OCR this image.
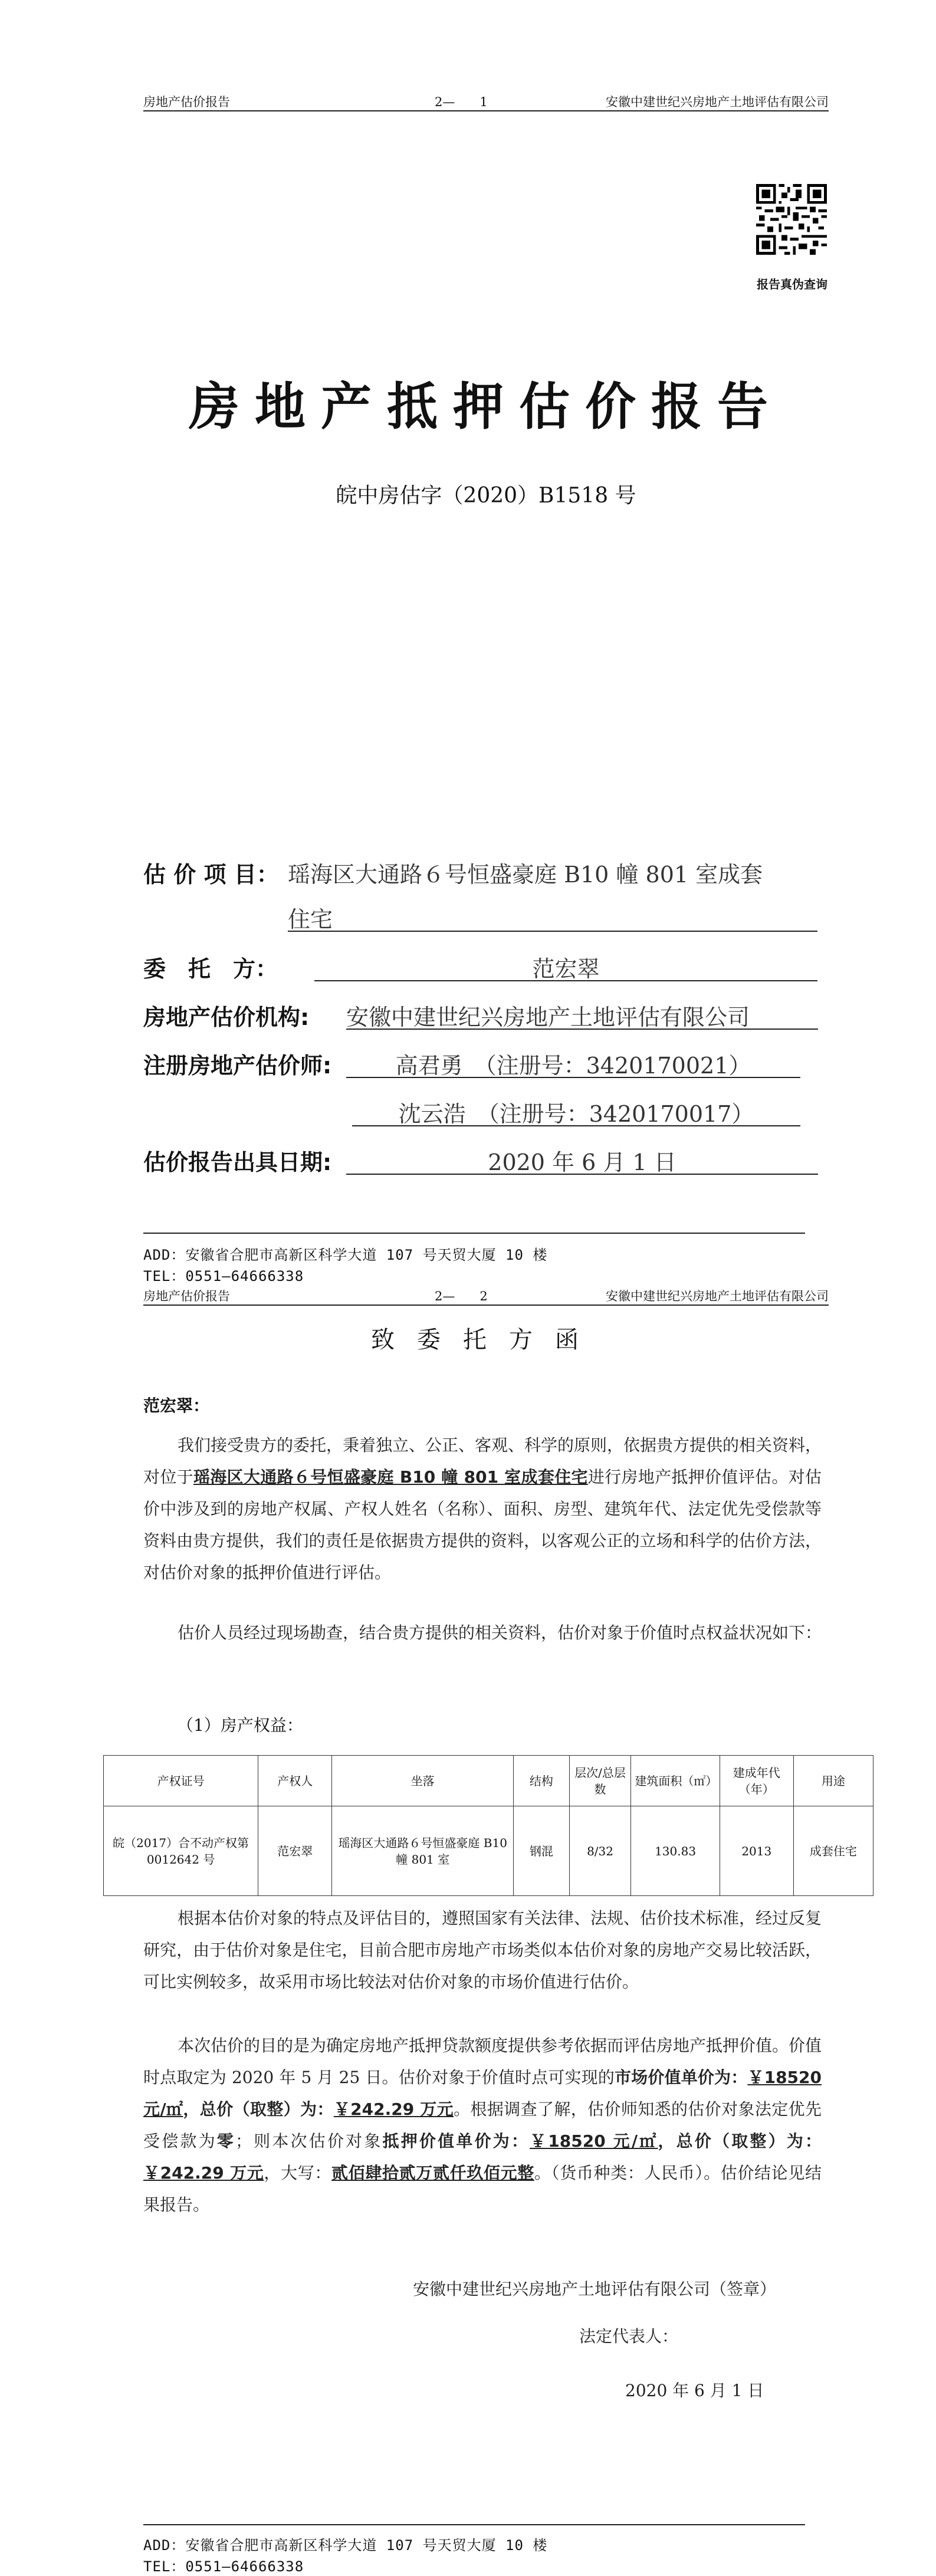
房地产估价报告	2—　　1	安徽中建世纪兴房地产土地评估有限公司
报告真伪查询
房地产抵押估价报告
皖中房估字（2020）B1518 号
估 价 项 目： 瑶海区大通路６号恒盛豪庭 B10 幢 801 室成套
住宅
委　托　方：	范宏翠
房地产估价机构: 安徽中建世纪兴房地产土地评估有限公司
注册房地产估价师:	高君勇　（注册号：3420170021）
沈云浩　（注册号：3420170017）
估价报告出具日期:	2020 年 6 月 1 日
ADD：安徽省合肥市高新区科学大道 107 号天贸大厦 10 楼
TEL：0551—64666338
房地产估价报告	2—　　2	安徽中建世纪兴房地产土地评估有限公司
致委托方函
范宏翠：
我们接受贵方的委托，秉着独立、公正、客观、科学的原则，依据贵方提供的相关资料，对位于瑶海区大通路６号恒盛豪庭 B10 幢 801 室成套住宅进行房地产抵押价值评估。对估价中涉及到的房地产权属、产权人姓名（名称）、面积、房型、建筑年代、法定优先受偿款等资料由贵方提供，我们的责任是依据贵方提供的资料，以客观公正的立场和科学的估价方法，对估价对象的抵押价值进行评估。
估价人员经过现场勘查，结合贵方提供的相关资料，估价对象于价值时点权益状况如下：
（1）房产权益：
产权证号	产权人	坐落	结构	层次/总层数	建筑面积（㎡）	建成年代（年）	用途
皖（2017）合不动产权第 0012642 号	范宏翠	瑶海区大通路６号恒盛豪庭 B10 幢 801 室	钢混	8/32	130.83	2013	成套住宅
根据本估价对象的特点及评估目的，遵照国家有关法律、法规、估价技术标准，经过反复研究，由于估价对象是住宅，目前合肥市房地产市场类似本估价对象的房地产交易比较活跃，可比实例较多，故采用市场比较法对估价对象的市场价值进行估价。
本次估价的目的是为确定房地产抵押贷款额度提供参考依据而评估房地产抵押价值。价值时点取定为 2020 年 5 月 25 日。估价对象于价值时点可实现的市场价值单价为：￥18520 元/㎡，总价（取整）为：￥242.29 万元。根据调查了解，估价师知悉的估价对象法定优先受偿款为零；则本次估价对象抵押价值单价为：￥18520 元/㎡，总价（取整）为：￥242.29 万元，大写：贰佰肆拾贰万贰仟玖佰元整。（货币种类：人民币）。估价结论见结果报告。
安徽中建世纪兴房地产土地评估有限公司（签章）
法定代表人：
2020 年 6 月 1 日
ADD：安徽省合肥市高新区科学大道 107 号天贸大厦 10 楼
TEL：0551—64666338
